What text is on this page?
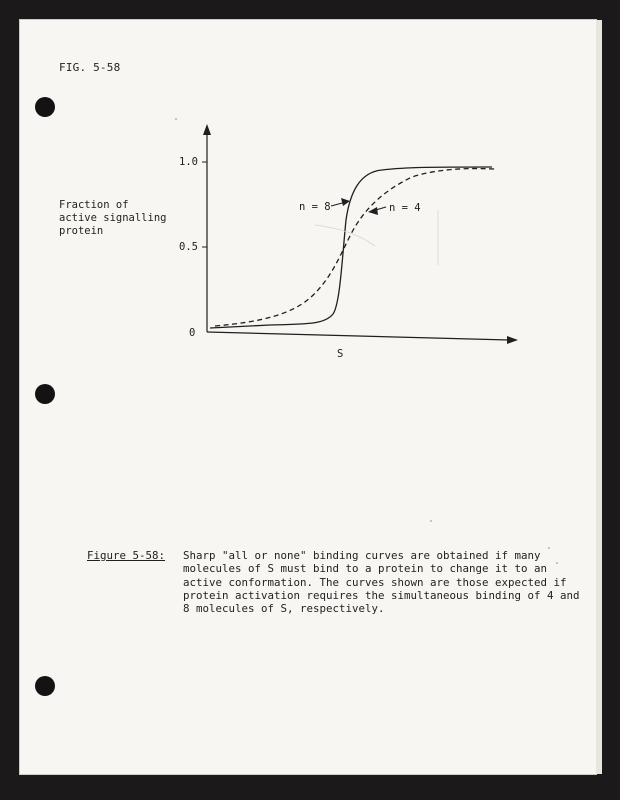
FIG. 5-58
1.0
0.5
0
Fraction of
active signalling
protein
S
n = 8	n = 4
Figure 5-58: Sharp "all or none" binding curves are obtained if many molecules of S must bind to a protein to change it to an active conformation. The curves shown are those expected if protein activation requires the simultaneous binding of 4 and 8 molecules of S, respectively.
